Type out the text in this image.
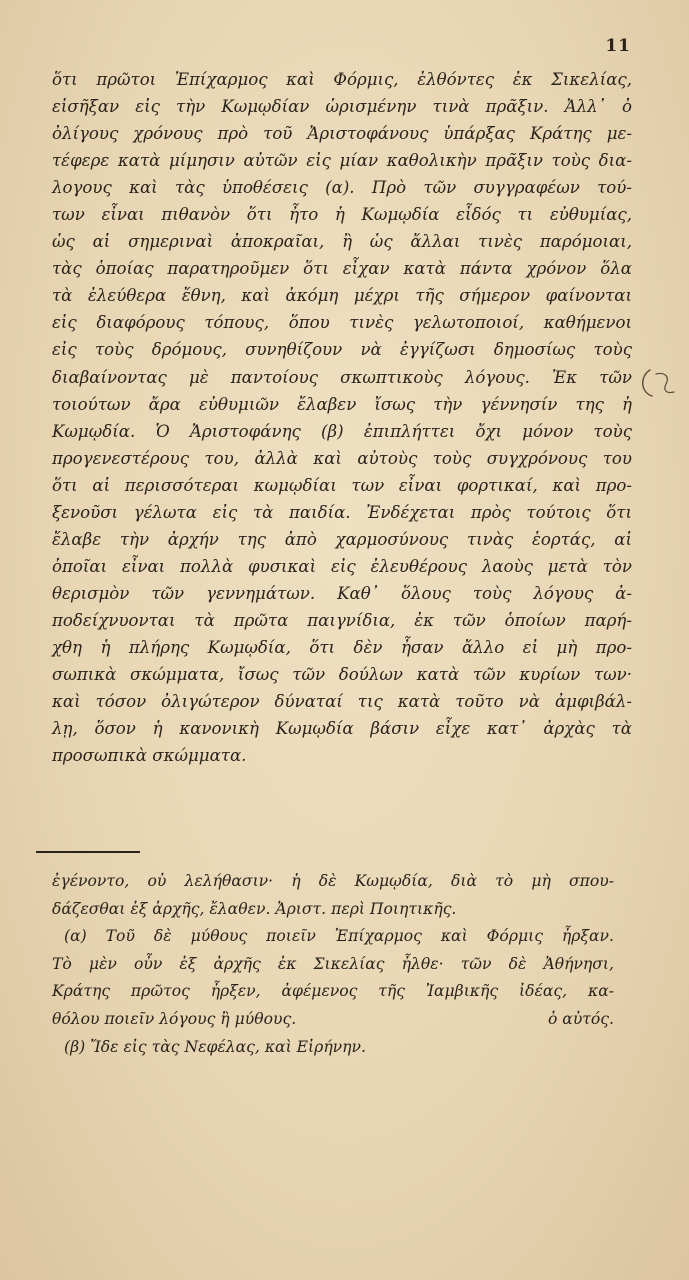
11
ὅτι πρῶτοι Ἐπίχαρμος καὶ Φόρμις, ἐλθόντες ἐκ Σικελίας,
εἰσῆξαν εἰς τὴν Κωμῳδίαν ὡρισμένην τινὰ πρᾶξιν. Ἀλλ᾽ ὀ
ὀλίγους χρόνους πρὸ τοῦ Ἀριστοφάνους ὑπάρξας Κράτης με-
τέφερε κατὰ μίμησιν αὐτῶν εἰς μίαν καθολικὴν πρᾶξιν τοὺς δια-
λογους καὶ τὰς ὑποθέσεις (α). Πρὸ τῶν συγγραφέων τού-
των εἶναι πιθανὸν ὅτι ἦτο ἡ Κωμῳδία εἶδός τι εὐθυμίας,
ὡς αἱ σημεριναὶ ἀποκραῖαι, ἢ ὡς ἄλλαι τινὲς παρόμοιαι,
τὰς ὁποίας παρατηροῦμεν ὅτι εἶχαν κατὰ πάντα χρόνον ὅλα
τὰ ἐλεύθερα ἔθνη, καὶ ἀκόμη μέχρι τῆς σήμερον φαίνονται
εἰς διαφόρους τόπους, ὅπου τινὲς γελωτοποιοί, καθήμενοι
εἰς τοὺς δρόμους, συνηθίζουν νὰ ἐγγίζωσι δημοσίως τοὺς
διαβαίνοντας μὲ παντοίους σκωπτικοὺς λόγους. Ἐκ τῶν
τοιούτων ἄρα εὐθυμιῶν ἔλαβεν ἴσως τὴν γέννησίν της ἡ
Κωμῳδία. Ὁ Ἀριστοφάνης (β) ἐπιπλήττει ὄχι μόνον τοὺς
προγενεστέρους του, ἀλλὰ καὶ αὐτοὺς τοὺς συγχρόνους του
ὅτι αἱ περισσότεραι κωμῳδίαι των εἶναι φορτικαί, καὶ προ-
ξενοῦσι γέλωτα εἰς τὰ παιδία. Ἐνδέχεται πρὸς τούτοις ὅτι
ἔλαβε τὴν ἀρχήν της ἀπὸ χαρμοσύνους τινὰς ἑορτάς, αἱ
ὁποῖαι εἶναι πολλὰ φυσικαὶ εἰς ἐλευθέρους λαοὺς μετὰ τὸν
θερισμὸν τῶν γεννημάτων. Καθ᾽ ὅλους τοὺς λόγους ἀ-
ποδείχνυονται τὰ πρῶτα παιγνίδια, ἐκ τῶν ὁποίων παρή-
χθη ἡ πλήρης Κωμῳδία, ὅτι δὲν ἦσαν ἄλλο εἰ μὴ προ-
σωπικὰ σκώμματα, ἴσως τῶν δούλων κατὰ τῶν κυρίων των·
καὶ τόσον ὀλιγώτερον δύναταί τις κατὰ τοῦτο νὰ ἀμφιβάλ-
λῃ, ὅσον ἡ κανονικὴ Κωμῳδία βάσιν εἶχε κατ᾽ ἀρχὰς τὰ
προσωπικὰ σκώμματα.
ἐγένοντο, οὐ λελήθασιν· ἡ δὲ Κωμῳδία, διὰ τὸ μὴ σπου-
δάζεσθαι ἐξ ἀρχῆς, ἔλαθεν. Ἀριστ. περὶ Ποιητικῆς.
(α) Τοῦ δὲ μύθους ποιεῖν Ἐπίχαρμος καὶ Φόρμις ἦρξαν.
Τὸ μὲν οὖν ἐξ ἀρχῆς ἐκ Σικελίας ἦλθε· τῶν δὲ Ἀθήνησι,
Κράτης πρῶτος ἦρξεν, ἀφέμενος τῆς Ἰαμβικῆς ἰδέας, κα-
θόλου ποιεῖν λόγους ἢ μύθους.	ὁ αὐτός.
(β) Ἴδε εἰς τὰς Νεφέλας, καὶ Εἰρήνην.
